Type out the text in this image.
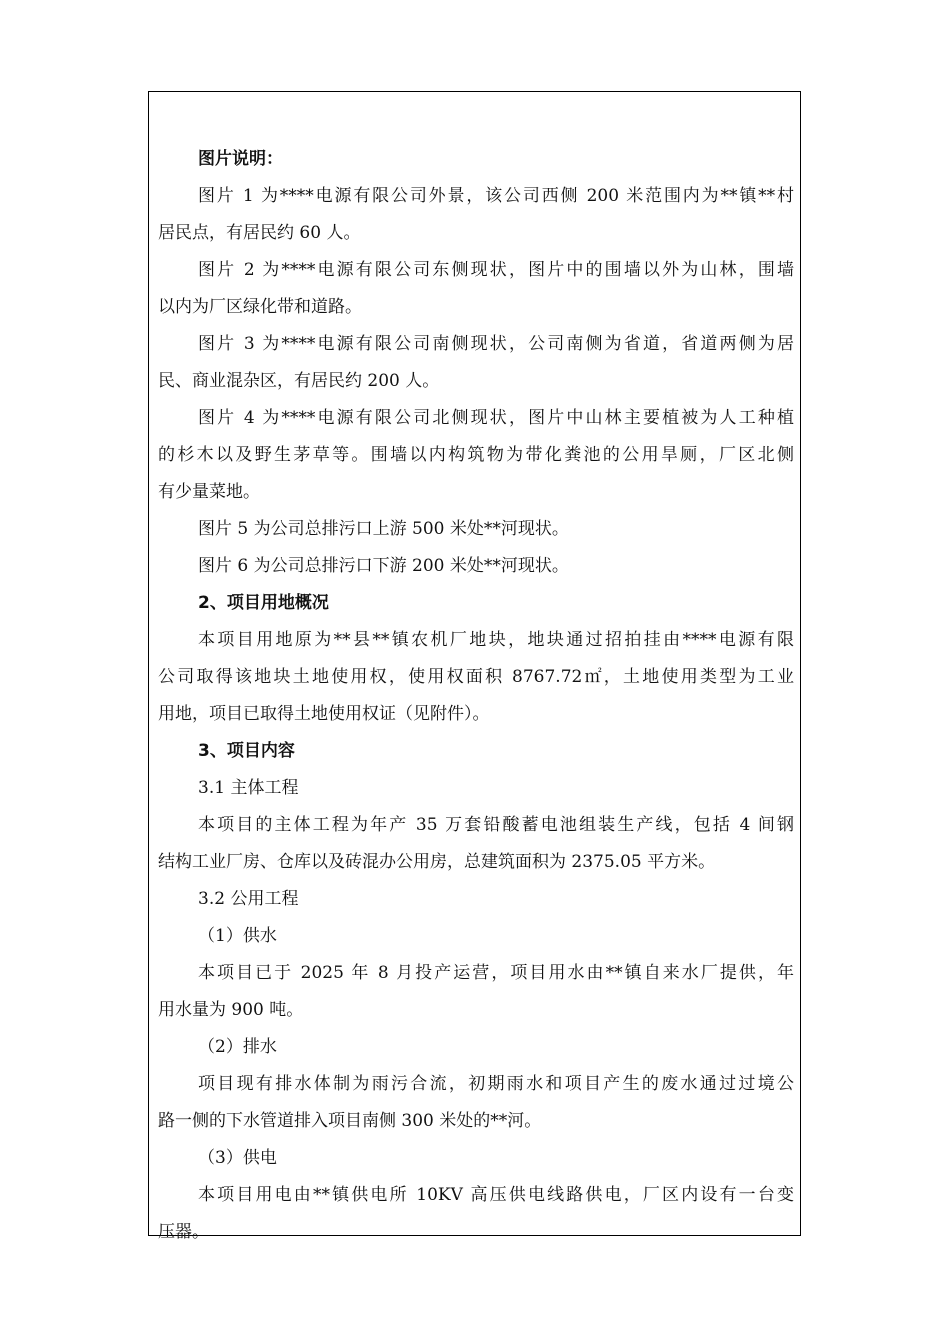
图片说明：
图片 1 为****电源有限公司外景，该公司西侧 200 米范围内为**镇**村
居民点，有居民约 60 人。
图片 2 为****电源有限公司东侧现状，图片中的围墙以外为山林，围墙
以内为厂区绿化带和道路。
图片 3 为****电源有限公司南侧现状，公司南侧为省道，省道两侧为居
民、商业混杂区，有居民约 200 人。
图片 4 为****电源有限公司北侧现状，图片中山林主要植被为人工种植
的杉木以及野生茅草等。围墙以内构筑物为带化粪池的公用旱厕，厂区北侧
有少量菜地。
图片 5 为公司总排污口上游 500 米处**河现状。
图片 6 为公司总排污口下游 200 米处**河现状。
2、项目用地概况
本项目用地原为**县**镇农机厂地块，地块通过招拍挂由****电源有限
公司取得该地块土地使用权，使用权面积 8767.72㎡，土地使用类型为工业
用地，项目已取得土地使用权证（见附件）。
3、项目内容
3.1 主体工程
本项目的主体工程为年产 35 万套铅酸蓄电池组装生产线，包括 4 间钢
结构工业厂房、仓库以及砖混办公用房，总建筑面积为 2375.05 平方米。
3.2 公用工程
（1）供水
本项目已于 2025 年 8 月投产运营，项目用水由**镇自来水厂提供，年
用水量为 900 吨。
（2）排水
项目现有排水体制为雨污合流，初期雨水和项目产生的废水通过过境公
路一侧的下水管道排入项目南侧 300 米处的**河。
（3）供电
本项目用电由**镇供电所 10KV 高压供电线路供电，厂区内设有一台变
压器。
